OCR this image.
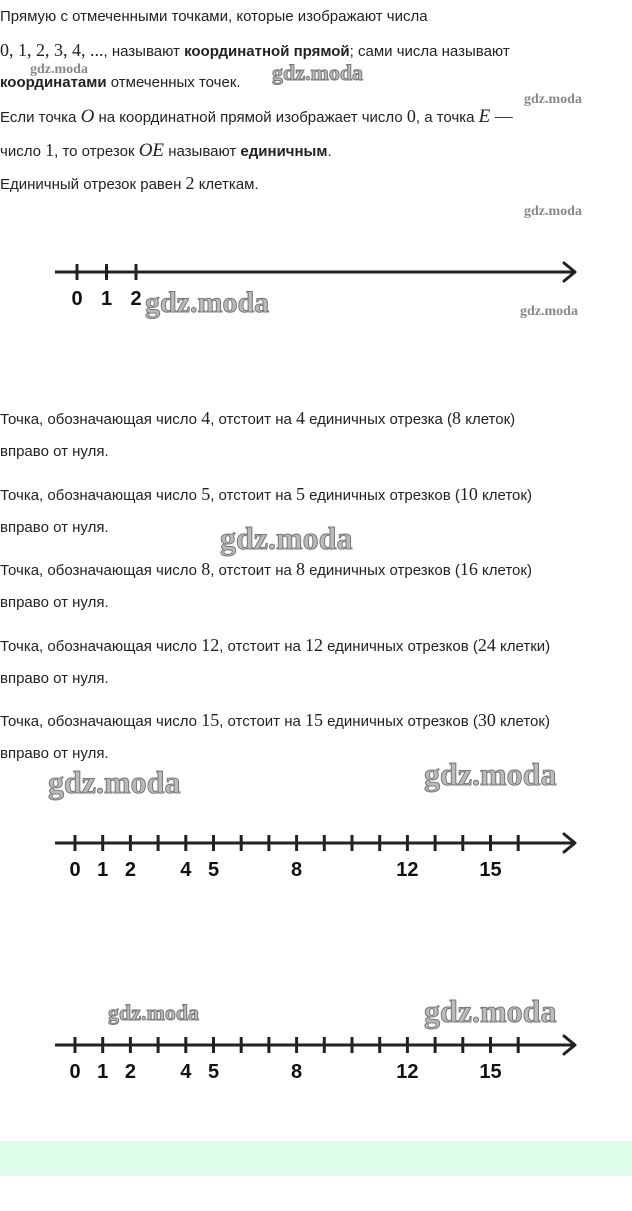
Прямую с отмеченными точками, которые изображают числа
0, 1, 2, 3, 4, ..., называют координатной прямой; сами числа называют
координатами отмеченных точек.
Если точка O на координатной прямой изображает число 0, а точка E —
число 1, то отрезок OE называют единичным.
Единичный отрезок равен 2 клеткам.
Точка, обозначающая число 4, отстоит на 4 единичных отрезка (8 клеток)
вправо от нуля.
Точка, обозначающая число 5, отстоит на 5 единичных отрезков (10 клеток)
вправо от нуля.
Точка, обозначающая число 8, отстоит на 8 единичных отрезков (16 клеток)
вправо от нуля.
Точка, обозначающая число 12, отстоит на 12 единичных отрезков (24 клетки)
вправо от нуля.
Точка, обозначающая число 15, отстоит на 15 единичных отрезков (30 клеток)
вправо от нуля.
0 1 2
0 1 2 4 5	8	12	15
0 1 2 4 5	8	12	15
gdz.moda	gdz.moda
gdz.moda
gdz.moda
gdz.moda	gdz.moda
gdz.moda
gdz.moda	gdz.moda
gdz.moda	gdz.moda
